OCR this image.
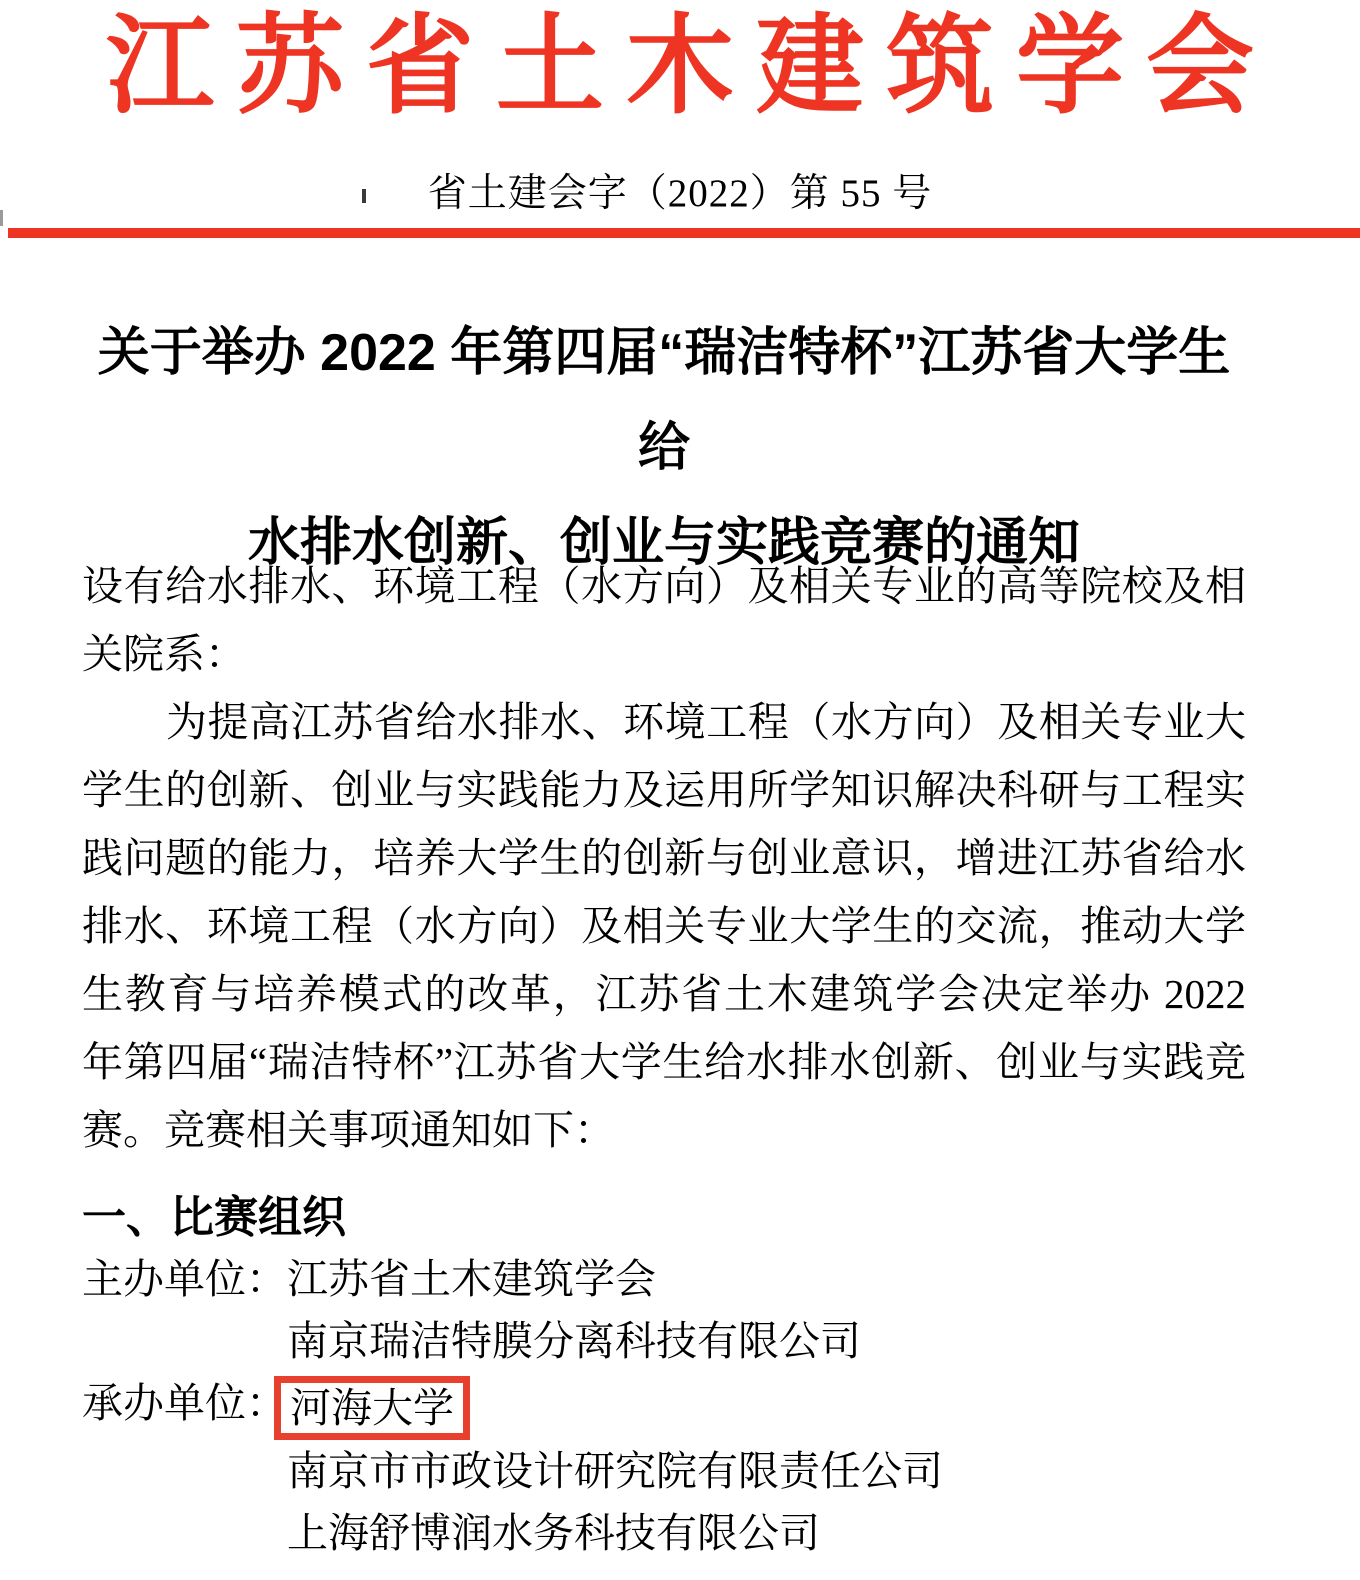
江苏省土木建筑学会
省土建会字（2022）第 55 号
关于举办 2022 年第四届“瑞洁特杯”江苏省大学生给
水排水创新、创业与实践竞赛的通知
设有给水排水、环境工程（水方向）及相关专业的高等院校及相
关院系：
为提高江苏省给水排水、环境工程（水方向）及相关专业大
学生的创新、创业与实践能力及运用所学知识解决科研与工程实
践问题的能力，培养大学生的创新与创业意识，增进江苏省给水
排水、环境工程（水方向）及相关专业大学生的交流，推动大学
生教育与培养模式的改革，江苏省土木建筑学会决定举办 2022
年第四届“瑞洁特杯”江苏省大学生给水排水创新、创业与实践竞
赛。竞赛相关事项通知如下：
一、比赛组织
主办单位：江苏省土木建筑学会
南京瑞洁特膜分离科技有限公司
承办单位：河海大学
南京市市政设计研究院有限责任公司
上海舒博润水务科技有限公司
